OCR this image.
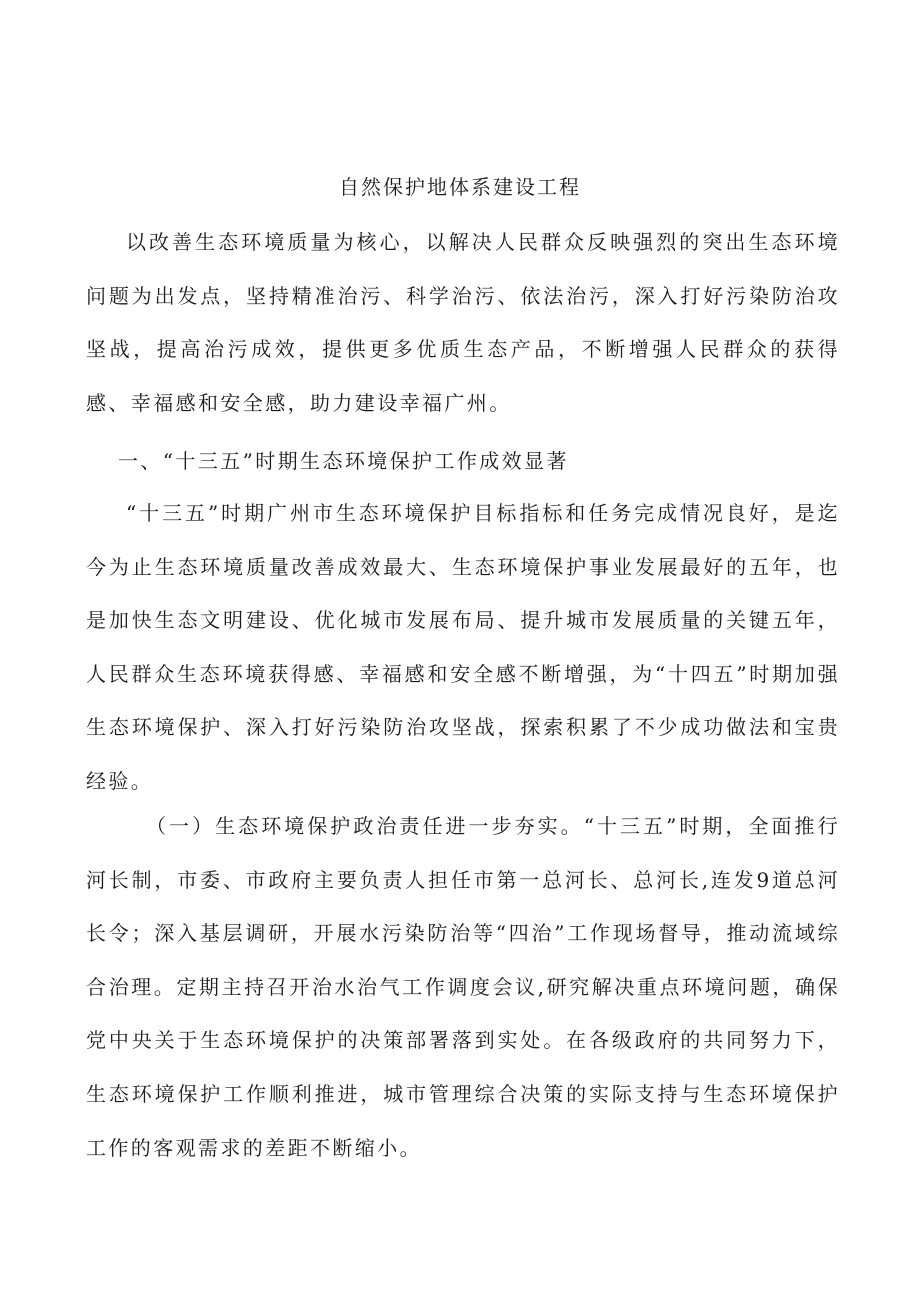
自然保护地体系建设工程

以改善生态环境质量为核心，以解决人民群众反映强烈的突出生态环境问题为出发点，坚持精准治污、科学治污、依法治污，深入打好污染防治攻坚战，提高治污成效，提供更多优质生态产品，不断增强人民群众的获得感、幸福感和安全感，助力建设幸福广州。

一、“十三五”时期生态环境保护工作成效显著

“十三五”时期广州市生态环境保护目标指标和任务完成情况良好，是迄今为止生态环境质量改善成效最大、生态环境保护事业发展最好的五年，也是加快生态文明建设、优化城市发展布局、提升城市发展质量的关键五年，人民群众生态环境获得感、幸福感和安全感不断增强，为“十四五”时期加强生态环境保护、深入打好污染防治攻坚战，探索积累了不少成功做法和宝贵经验。

（一）生态环境保护政治责任进一步夯实。“十三五”时期，全面推行河长制，市委、市政府主要负责人担任市第一总河长、总河长,连发9道总河长令；深入基层调研，开展水污染防治等“四治”工作现场督导，推动流域综合治理。定期主持召开治水治气工作调度会议,研究解决重点环境问题，确保党中央关于生态环境保护的决策部署落到实处。在各级政府的共同努力下，生态环境保护工作顺利推进，城市管理综合决策的实际支持与生态环境保护工作的客观需求的差距不断缩小。
